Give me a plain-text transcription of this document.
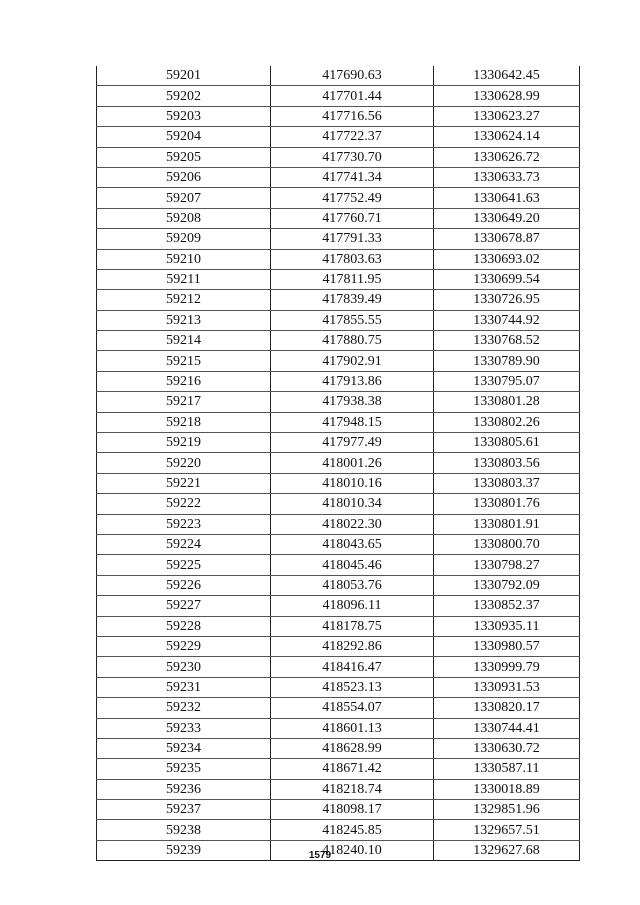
59201	417690.63	1330642.45
59202	417701.44	1330628.99
59203	417716.56	1330623.27
59204	417722.37	1330624.14
59205	417730.70	1330626.72
59206	417741.34	1330633.73
59207	417752.49	1330641.63
59208	417760.71	1330649.20
59209	417791.33	1330678.87
59210	417803.63	1330693.02
59211	417811.95	1330699.54
59212	417839.49	1330726.95
59213	417855.55	1330744.92
59214	417880.75	1330768.52
59215	417902.91	1330789.90
59216	417913.86	1330795.07
59217	417938.38	1330801.28
59218	417948.15	1330802.26
59219	417977.49	1330805.61
59220	418001.26	1330803.56
59221	418010.16	1330803.37
59222	418010.34	1330801.76
59223	418022.30	1330801.91
59224	418043.65	1330800.70
59225	418045.46	1330798.27
59226	418053.76	1330792.09
59227	418096.11	1330852.37
59228	418178.75	1330935.11
59229	418292.86	1330980.57
59230	418416.47	1330999.79
59231	418523.13	1330931.53
59232	418554.07	1330820.17
59233	418601.13	1330744.41
59234	418628.99	1330630.72
59235	418671.42	1330587.11
59236	418218.74	1330018.89
59237	418098.17	1329851.96
59238	418245.85	1329657.51
59239	418240.10	1329627.68
1579
